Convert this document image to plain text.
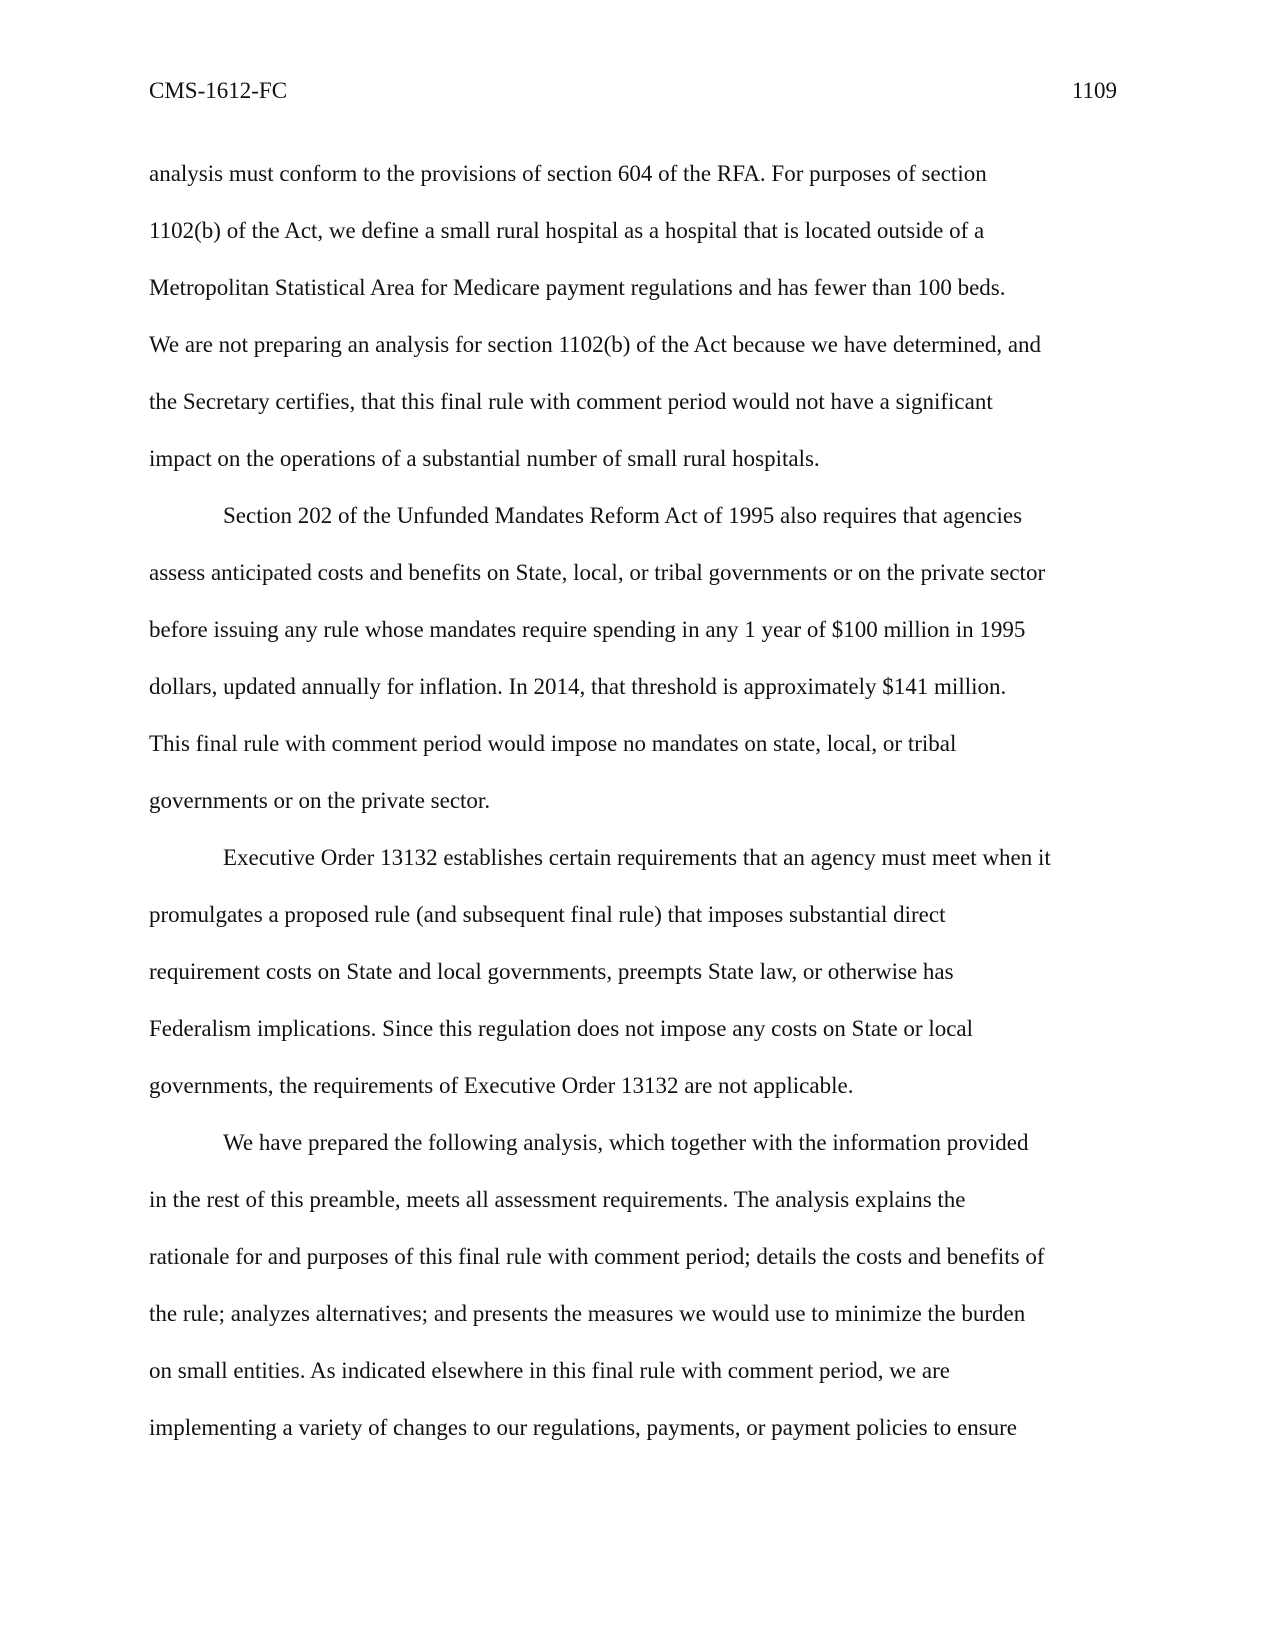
CMS-1612-FC	1109
analysis must conform to the provisions of section 604 of the RFA. For purposes of section
1102(b) of the Act, we define a small rural hospital as a hospital that is located outside of a
Metropolitan Statistical Area for Medicare payment regulations and has fewer than 100 beds.
We are not preparing an analysis for section 1102(b) of the Act because we have determined, and
the Secretary certifies, that this final rule with comment period would not have a significant
impact on the operations of a substantial number of small rural hospitals.
Section 202 of the Unfunded Mandates Reform Act of 1995 also requires that agencies
assess anticipated costs and benefits on State, local, or tribal governments or on the private sector
before issuing any rule whose mandates require spending in any 1 year of $100 million in 1995
dollars, updated annually for inflation. In 2014, that threshold is approximately $141 million.
This final rule with comment period would impose no mandates on state, local, or tribal
governments or on the private sector.
Executive Order 13132 establishes certain requirements that an agency must meet when it
promulgates a proposed rule (and subsequent final rule) that imposes substantial direct
requirement costs on State and local governments, preempts State law, or otherwise has
Federalism implications. Since this regulation does not impose any costs on State or local
governments, the requirements of Executive Order 13132 are not applicable.
We have prepared the following analysis, which together with the information provided
in the rest of this preamble, meets all assessment requirements. The analysis explains the
rationale for and purposes of this final rule with comment period; details the costs and benefits of
the rule; analyzes alternatives; and presents the measures we would use to minimize the burden
on small entities. As indicated elsewhere in this final rule with comment period, we are
implementing a variety of changes to our regulations, payments, or payment policies to ensure
